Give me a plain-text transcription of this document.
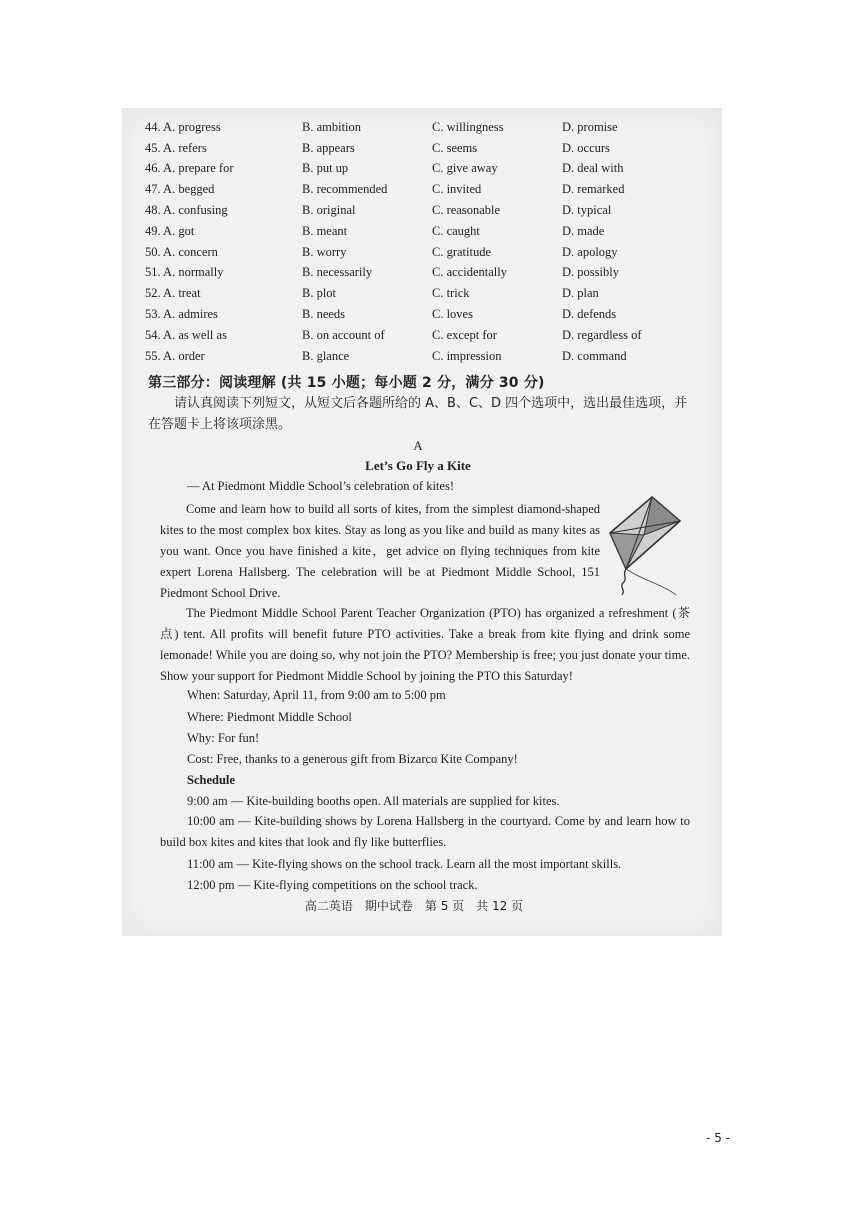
44. A. progress	B. ambition	C. willingness	D. promise
45. A. refers	B. appears	C. seems	D. occurs
46. A. prepare for	B. put up	C. give away	D. deal with
47. A. begged	B. recommended	C. invited	D. remarked
48. A. confusing	B. original	C. reasonable	D. typical
49. A. got	B. meant	C. caught	D. made
50. A. concern	B. worry	C. gratitude	D. apology
51. A. normally	B. necessarily	C. accidentally	D. possibly
52. A. treat	B. plot	C. trick	D. plan
53. A. admires	B. needs	C. loves	D. defends
54. A. as well as	B. on account of	C. except for	D. regardless of
55. A. order	B. glance	C. impression	D. command
第三部分：阅读理解 (共 15 小题；每小题 2 分，满分 30 分)
请认真阅读下列短文，从短文后各题所给的 A、B、C、D 四个选项中，选出最佳选项，并在答题卡上将该项涂黑。
A
Let’s Go Fly a Kite
— At Piedmont Middle School’s celebration of kites!
Come and learn how to build all sorts of kites, from the simplest diamond-shaped kites to the most complex box kites. Stay as long as you like and build as many kites as you want. Once you have finished a kite，get advice on flying techniques from kite expert Lorena Hallsberg. The celebration will be at Piedmont Middle School, 151 Piedmont School Drive.
The Piedmont Middle School Parent Teacher Organization (PTO) has organized a refreshment (茶点) tent. All profits will benefit future PTO activities. Take a break from kite flying and drink some lemonade! While you are doing so, why not join the PTO? Membership is free; you just donate your time. Show your support for Piedmont Middle School by joining the PTO this Saturday!
When: Saturday, April 11, from 9:00 am to 5:00 pm
Where: Piedmont Middle School
Why: For fun!
Cost: Free, thanks to a generous gift from Bizarco Kite Company!
Schedule
9:00 am — Kite-building booths open. All materials are supplied for kites.
10:00 am — Kite-building shows by Lorena Hallsberg in the courtyard. Come by and learn how to build box kites and kites that look and fly like butterflies.
11:00 am — Kite-flying shows on the school track. Learn all the most important skills.
12:00 pm — Kite-flying competitions on the school track.
高二英语　期中试卷　第 5 页　共 12 页
- 5 -
